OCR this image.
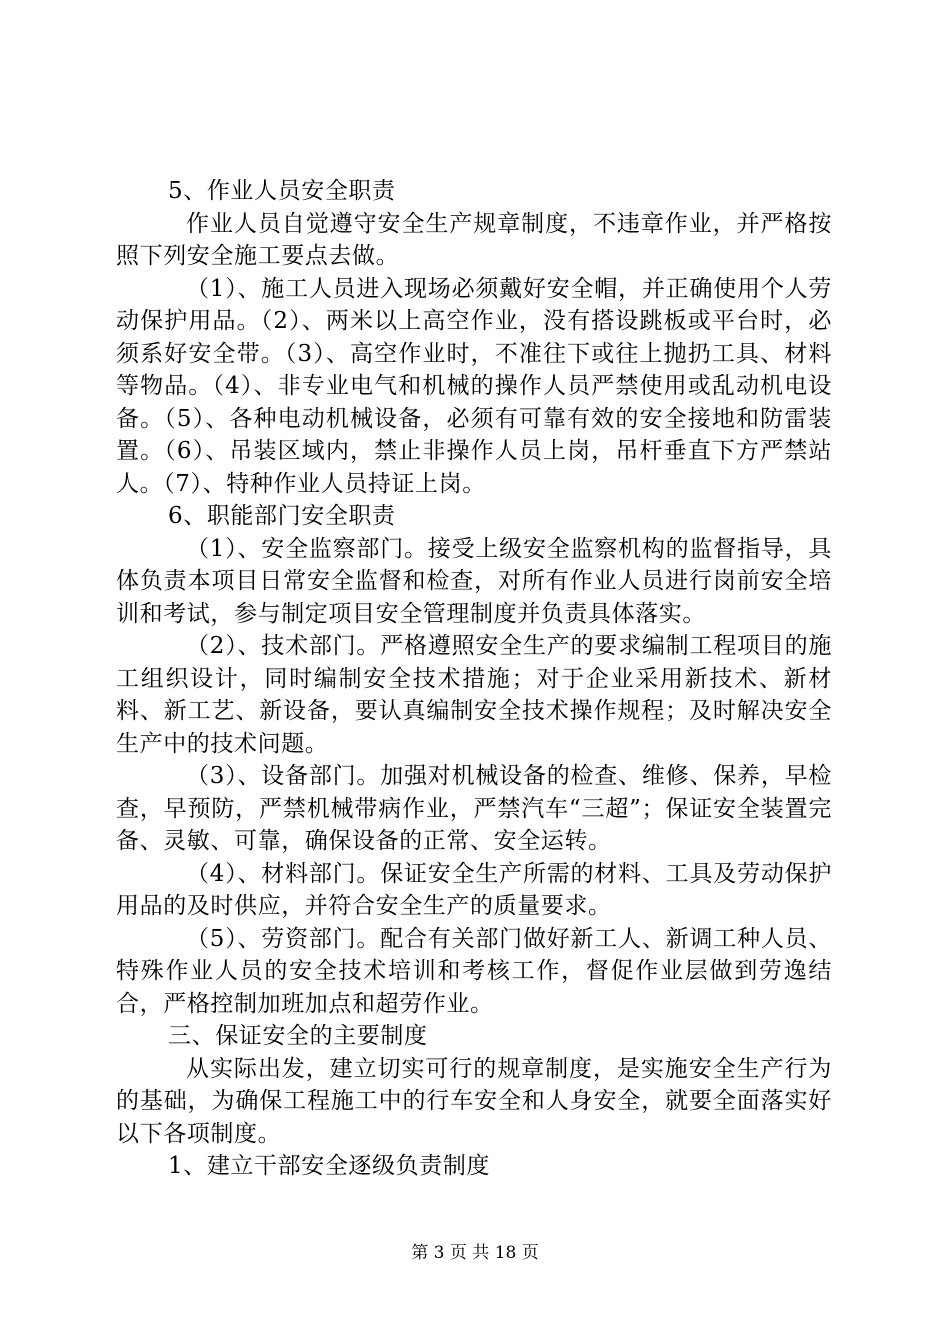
5、作业人员安全职责

作业人员自觉遵守安全生产规章制度，不违章作业，并严格按照下列安全施工要点去做。

（1）、施工人员进入现场必须戴好安全帽，并正确使用个人劳动保护用品。（2）、两米以上高空作业，没有搭设跳板或平台时，必须系好安全带。（3）、高空作业时，不准往下或往上抛扔工具、材料等物品。（4）、非专业电气和机械的操作人员严禁使用或乱动机电设备。（5）、各种电动机械设备，必须有可靠有效的安全接地和防雷装置。（6）、吊装区域内，禁止非操作人员上岗，吊杆垂直下方严禁站人。（7）、特种作业人员持证上岗。

6、职能部门安全职责

（1）、安全监察部门。接受上级安全监察机构的监督指导，具体负责本项目日常安全监督和检查，对所有作业人员进行岗前安全培训和考试，参与制定项目安全管理制度并负责具体落实。

（2）、技术部门。严格遵照安全生产的要求编制工程项目的施工组织设计，同时编制安全技术措施；对于企业采用新技术、新材料、新工艺、新设备，要认真编制安全技术操作规程；及时解决安全生产中的技术问题。

（3）、设备部门。加强对机械设备的检查、维修、保养，早检查，早预防，严禁机械带病作业，严禁汽车“三超”；保证安全装置完备、灵敏、可靠，确保设备的正常、安全运转。

（4）、材料部门。保证安全生产所需的材料、工具及劳动保护用品的及时供应，并符合安全生产的质量要求。

（5）、劳资部门。配合有关部门做好新工人、新调工种人员、特殊作业人员的安全技术培训和考核工作，督促作业层做到劳逸结合，严格控制加班加点和超劳作业。

三、保证安全的主要制度

从实际出发，建立切实可行的规章制度，是实施安全生产行为的基础，为确保工程施工中的行车安全和人身安全，就要全面落实好以下各项制度。

1、建立干部安全逐级负责制度

第 3 页 共 18 页
